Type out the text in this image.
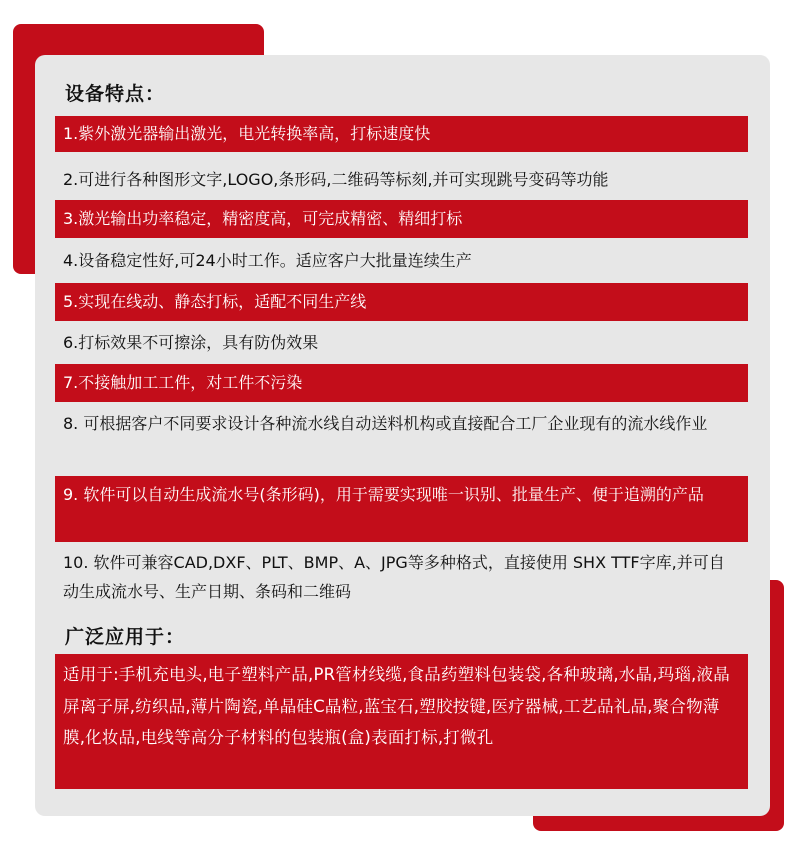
设备特点：
1.紫外激光器输出激光，电光转换率高，打标速度快
2.可进行各种图形文字,LOGO,条形码,二维码等标刻,并可实现跳号变码等功能
3.激光输出功率稳定，精密度高，可完成精密、精细打标
4.设备稳定性好,可24小时工作。适应客户大批量连续生产
5.实现在线动、静态打标，适配不同生产线
6.打标效果不可擦涂，具有防伪效果
7.不接触加工工件，对工件不污染
8. 可根据客户不同要求设计各种流水线自动送料机构或直接配合工厂企业现有的流水线作业
9. 软件可以自动生成流水号(条形码)，用于需要实现唯一识别、批量生产、便于追溯的产品
10. 软件可兼容CAD,DXF、PLT、BMP、A、JPG等多种格式，直接使用 SHX TTF字库,并可自动生成流水号、生产日期、条码和二维码
广泛应用于：
适用于:手机充电头,电子塑料产品,PR管材线缆,食品药塑料包装袋,各种玻璃,水晶,玛瑙,液晶屏离子屏,纺织品,薄片陶瓷,单晶硅C晶粒,蓝宝石,塑胶按键,医疗器械,工艺品礼品,聚合物薄膜,化妆品,电线等高分子材料的包装瓶(盒)表面打标,打微孔
